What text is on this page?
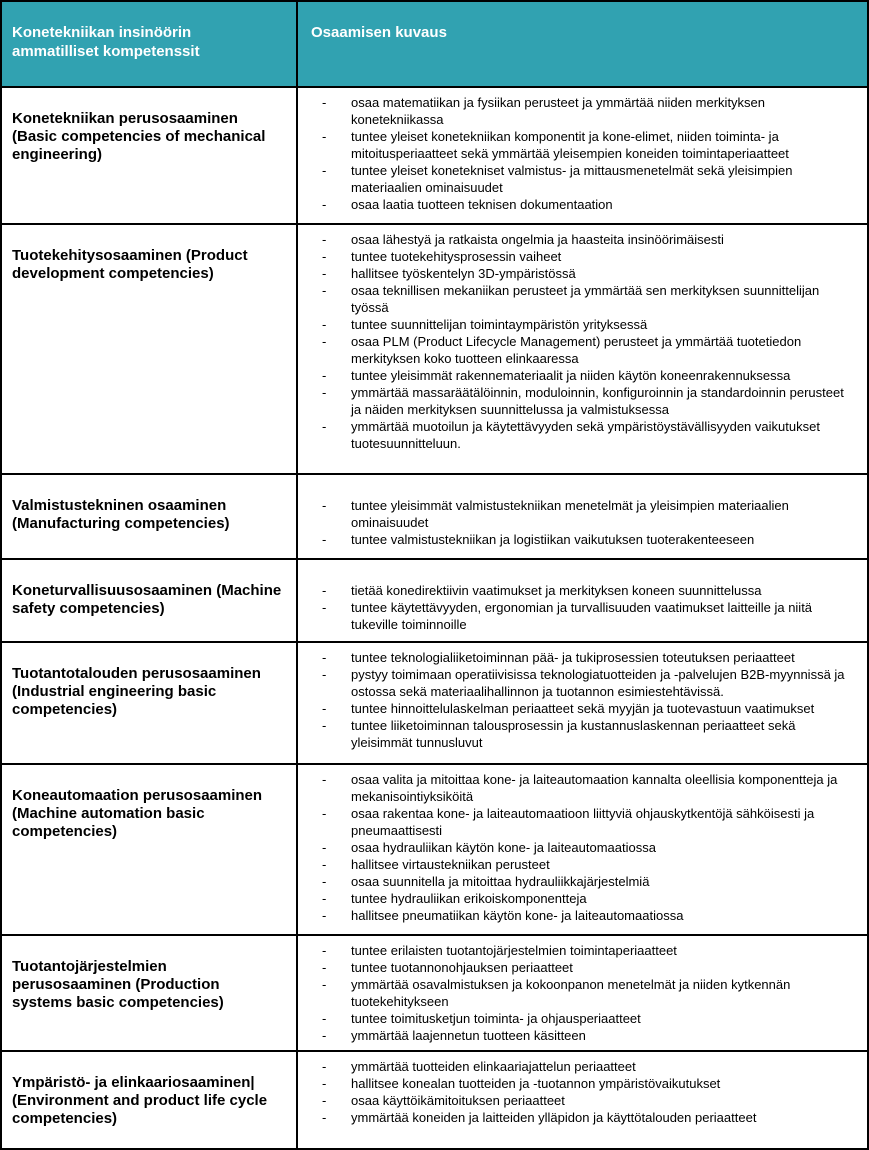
Konetekniikan insinöörin ammatilliset kompetenssit
Osaamisen kuvaus
Konetekniikan perusosaaminen (Basic competencies of mechanical engineering)
- osaa matematiikan ja fysiikan perusteet ja ymmärtää niiden merkityksen konetekniikassa
- tuntee yleiset konetekniikan komponentit ja kone-elimet, niiden toiminta- ja mitoitusperiaatteet sekä ymmärtää yleisempien koneiden toimintaperiaatteet
- tuntee yleiset konetekniset valmistus- ja mittausmenetelmät sekä yleisimpien materiaalien ominaisuudet
- osaa laatia tuotteen teknisen dokumentaation
Tuotekehitysosaaminen (Product development competencies)
- osaa lähestyä ja ratkaista ongelmia ja haasteita insinöörimäisesti
- tuntee tuotekehitysprosessin vaiheet
- hallitsee työskentelyn 3D-ympäristössä
- osaa teknillisen mekaniikan perusteet ja ymmärtää sen merkityksen suunnittelijan työssä
- tuntee suunnittelijan toimintaympäristön yrityksessä
- osaa PLM (Product Lifecycle Management) perusteet ja ymmärtää tuotetiedon merkityksen koko tuotteen elinkaaressa
- tuntee yleisimmät rakennemateriaalit ja niiden käytön koneenrakennuksessa
- ymmärtää massaräätälöinnin, moduloinnin, konfiguroinnin ja standardoinnin perusteet ja näiden merkityksen suunnittelussa ja valmistuksessa
- ymmärtää muotoilun ja käytettävyyden sekä ympäristöystävällisyyden vaikutukset tuotesuunnitteluun.
Valmistustekninen osaaminen (Manufacturing competencies)
- tuntee yleisimmät valmistustekniikan menetelmät ja yleisimpien materiaalien ominaisuudet
- tuntee valmistustekniikan ja logistiikan vaikutuksen tuoterakenteeseen
Koneturvallisuusosaaminen (Machine safety competencies)
- tietää konedirektiivin vaatimukset ja merkityksen koneen suunnittelussa
- tuntee käytettävyyden, ergonomian ja turvallisuuden vaatimukset laitteille ja niitä tukeville toiminnoille
Tuotantotalouden perusosaaminen (Industrial engineering basic competencies)
- tuntee teknologialiiketoiminnan pää- ja tukiprosessien toteutuksen periaatteet
- pystyy toimimaan operatiivisissa teknologiatuotteiden ja -palvelujen B2B-myynnissä ja ostossa sekä materiaalihallinnon ja tuotannon esimiestehtävissä.
- tuntee hinnoittelulaskelman periaatteet sekä myyjän ja tuotevastuun vaatimukset
- tuntee liiketoiminnan talousprosessin ja kustannuslaskennan periaatteet sekä yleisimmät tunnusluvut
Koneautomaation perusosaaminen (Machine automation basic competencies)
- osaa valita ja mitoittaa kone- ja laiteautomaation kannalta oleellisia komponentteja ja mekanisointiyksiköitä
- osaa rakentaa kone- ja laiteautomaatioon liittyviä ohjauskytkentöjä sähköisesti ja pneumaattisesti
- osaa hydrauliikan käytön kone- ja laiteautomaatiossa
- hallitsee virtaustekniikan perusteet
- osaa suunnitella ja mitoittaa hydrauliikkajärjestelmiä
- tuntee hydrauliikan erikoiskomponentteja
- hallitsee pneumatiikan käytön kone- ja laiteautomaatiossa
Tuotantojärjestelmien perusosaaminen (Production systems basic competencies)
- tuntee erilaisten tuotantojärjestelmien toimintaperiaatteet
- tuntee tuotannonohjauksen periaatteet
- ymmärtää osavalmistuksen ja kokoonpanon menetelmät ja niiden kytkennän tuotekehitykseen
- tuntee toimitusketjun toiminta- ja ohjausperiaatteet
- ymmärtää laajennetun tuotteen käsitteen
Ympäristö- ja elinkaariosaaminen| (Environment and product life cycle competencies)
- ymmärtää tuotteiden elinkaariajattelun periaatteet
- hallitsee konealan tuotteiden ja -tuotannon ympäristövaikutukset
- osaa käyttöikämitoituksen periaatteet
- ymmärtää koneiden ja laitteiden ylläpidon ja käyttötalouden periaatteet
